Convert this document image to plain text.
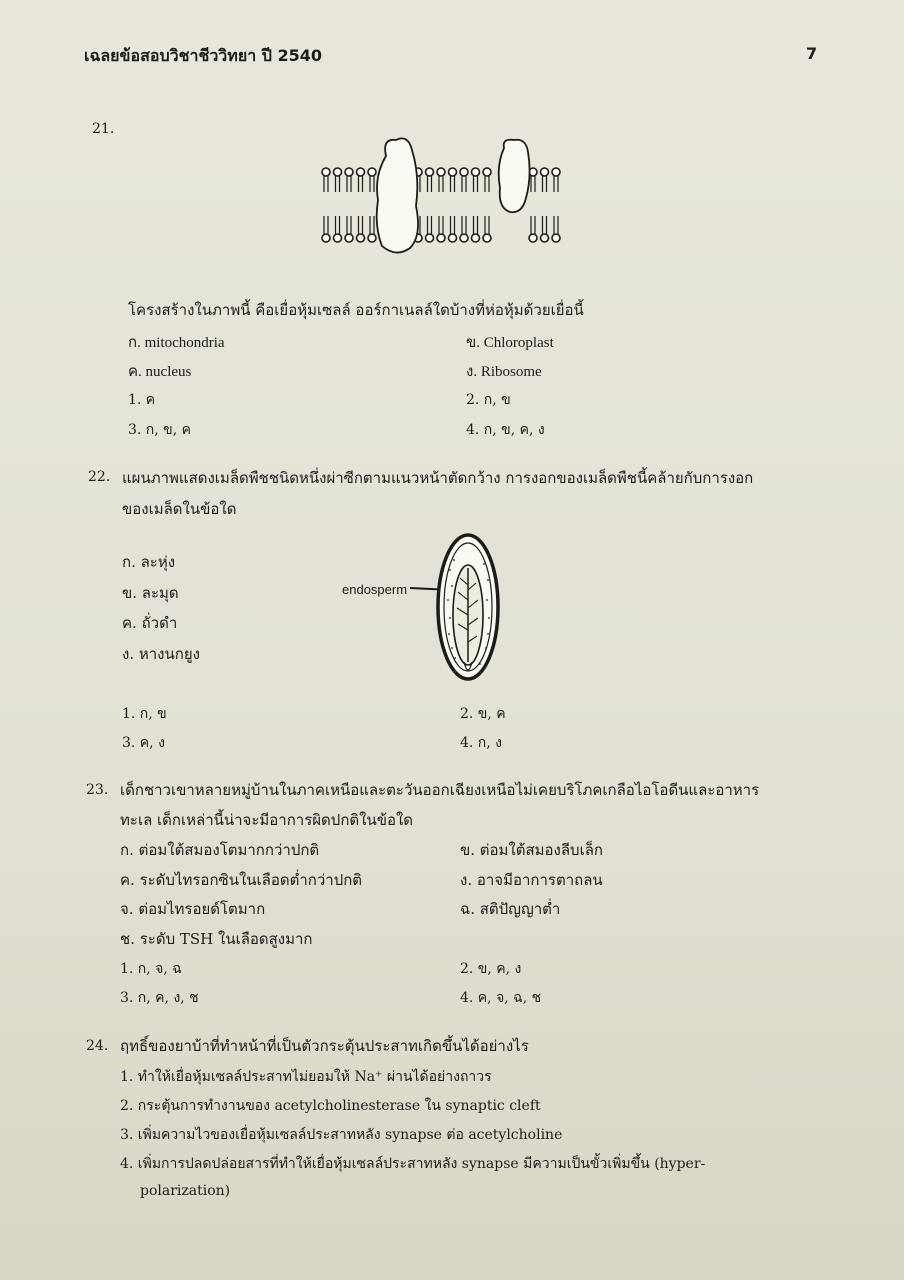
เฉลยข้อสอบวิชาชีววิทยา ปี 2540	7
21.
โครงสร้างในภาพนี้ คือเยื่อหุ้มเซลล์ ออร์กาเนลล์ใดบ้างที่ห่อหุ้มด้วยเยื่อนี้
ก. mitochondria	ข. Chloroplast
ค. nucleus	ง. Ribosome
1. ค	2. ก, ข
3. ก, ข, ค	4. ก, ข, ค, ง
22. แผนภาพแสดงเมล็ดพืชชนิดหนึ่งผ่าซีกตามแนวหน้าตัดกว้าง การงอกของเมล็ดพืชนี้คล้ายกับการงอก
ของเมล็ดในข้อใด
ก. ละหุ่ง
ข. ละมุด
ค. ถั่วดำ
ง. หางนกยูง
endosperm
1. ก, ข	2. ข, ค
3. ค, ง	4. ก, ง
23. เด็กชาวเขาหลายหมู่บ้านในภาคเหนือและตะวันออกเฉียงเหนือไม่เคยบริโภคเกลือไอโอดีนและอาหาร
ทะเล เด็กเหล่านี้น่าจะมีอาการผิดปกติในข้อใด
ก. ต่อมใต้สมองโตมากกว่าปกติ	ข. ต่อมใต้สมองลีบเล็ก
ค. ระดับไทรอกซินในเลือดต่ำกว่าปกติ	ง. อาจมีอาการตาถลน
จ. ต่อมไทรอยด์โตมาก	ฉ. สติปัญญาต่ำ
ช. ระดับ TSH ในเลือดสูงมาก
1. ก, จ, ฉ	2. ข, ค, ง
3. ก, ค, ง, ช	4. ค, จ, ฉ, ช
24. ฤทธิ์ของยาบ้าที่ทำหน้าที่เป็นตัวกระตุ้นประสาทเกิดขึ้นได้อย่างไร
1. ทำให้เยื่อหุ้มเซลล์ประสาทไม่ยอมให้ Na⁺ ผ่านได้อย่างถาวร
2. กระตุ้นการทำงานของ acetylcholinesterase ใน synaptic cleft
3. เพิ่มความไวของเยื่อหุ้มเซลล์ประสาทหลัง synapse ต่อ acetylcholine
4. เพิ่มการปลดปล่อยสารที่ทำให้เยื่อหุ้มเซลล์ประสาทหลัง synapse มีความเป็นขั้วเพิ่มขึ้น (hyper-
polarization)
